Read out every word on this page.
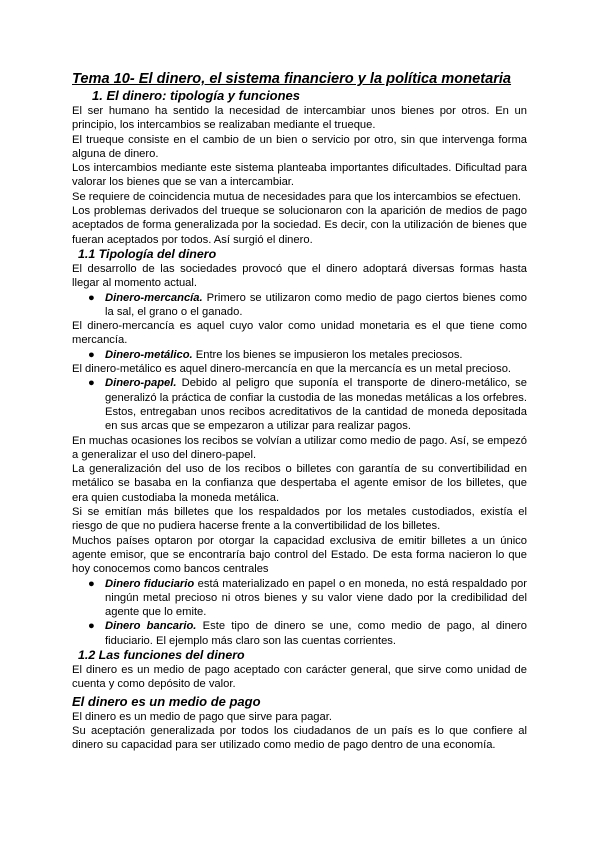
Tema 10- El dinero, el sistema financiero y la política monetaria
1. El dinero: tipología y funciones

El ser humano ha sentido la necesidad de intercambiar unos bienes por otros. En un principio, los intercambios se realizaban mediante el trueque.

El trueque consiste en el cambio de un bien o servicio por otro, sin que intervenga forma alguna de dinero.

Los intercambios mediante este sistema planteaba importantes dificultades. Dificultad para valorar los bienes que se van a intercambiar.

Se requiere de coincidencia mutua de necesidades para que los intercambios se efectuen.

Los problemas derivados del trueque se solucionaron con la aparición de medios de pago aceptados de forma generalizada por la sociedad. Es decir, con la utilización de bienes que fueran aceptados por todos. Así surgió el dinero.

1.1 Tipología del dinero

El desarrollo de las sociedades provocó que el dinero adoptará diversas formas hasta llegar al momento actual.

● Dinero-mercancía. Primero se utilizaron como medio de pago ciertos bienes como la sal, el grano o el ganado.

El dinero-mercancía es aquel cuyo valor como unidad monetaria es el que tiene como mercancía.

● Dinero-metálico. Entre los bienes se impusieron los metales preciosos.

El dinero-metálico es aquel dinero-mercancía en que la mercancía es un metal precioso.

● Dinero-papel. Debido al peligro que suponía el transporte de dinero-metálico, se generalizó la práctica de confiar la custodia de las monedas metálicas a los orfebres. Estos, entregaban unos recibos acreditativos de la cantidad de moneda depositada en sus arcas que se empezaron a utilizar para realizar pagos.

En muchas ocasiones los recibos se volvían a utilizar como medio de pago. Así, se empezó a generalizar el uso del dinero-papel.

La generalización del uso de los recibos o billetes con garantía de su convertibilidad en metálico se basaba en la confianza que despertaba el agente emisor de los billetes, que era quien custodiaba la moneda metálica.

Si se emitían más billetes que los respaldados por los metales custodiados, existía el riesgo de que no pudiera hacerse frente a la convertibilidad de los billetes.

Muchos países optaron por otorgar la capacidad exclusiva de emitir billetes a un único agente emisor, que se encontraría bajo control del Estado. De esta forma nacieron lo que hoy conocemos como bancos centrales

● Dinero fiduciario está materializado en papel o en moneda, no está respaldado por ningún metal precioso ni otros bienes y su valor viene dado por la credibilidad del agente que lo emite.
● Dinero bancario. Este tipo de dinero se une, como medio de pago, al dinero fiduciario. El ejemplo más claro son las cuentas corrientes.
1.2 Las funciones del dinero

El dinero es un medio de pago aceptado con carácter general, que sirve como unidad de cuenta y como depósito de valor.

El dinero es un medio de pago

El dinero es un medio de pago que sirve para pagar.

Su aceptación generalizada por todos los ciudadanos de un país es lo que confiere al dinero su capacidad para ser utilizado como medio de pago dentro de una economía.
